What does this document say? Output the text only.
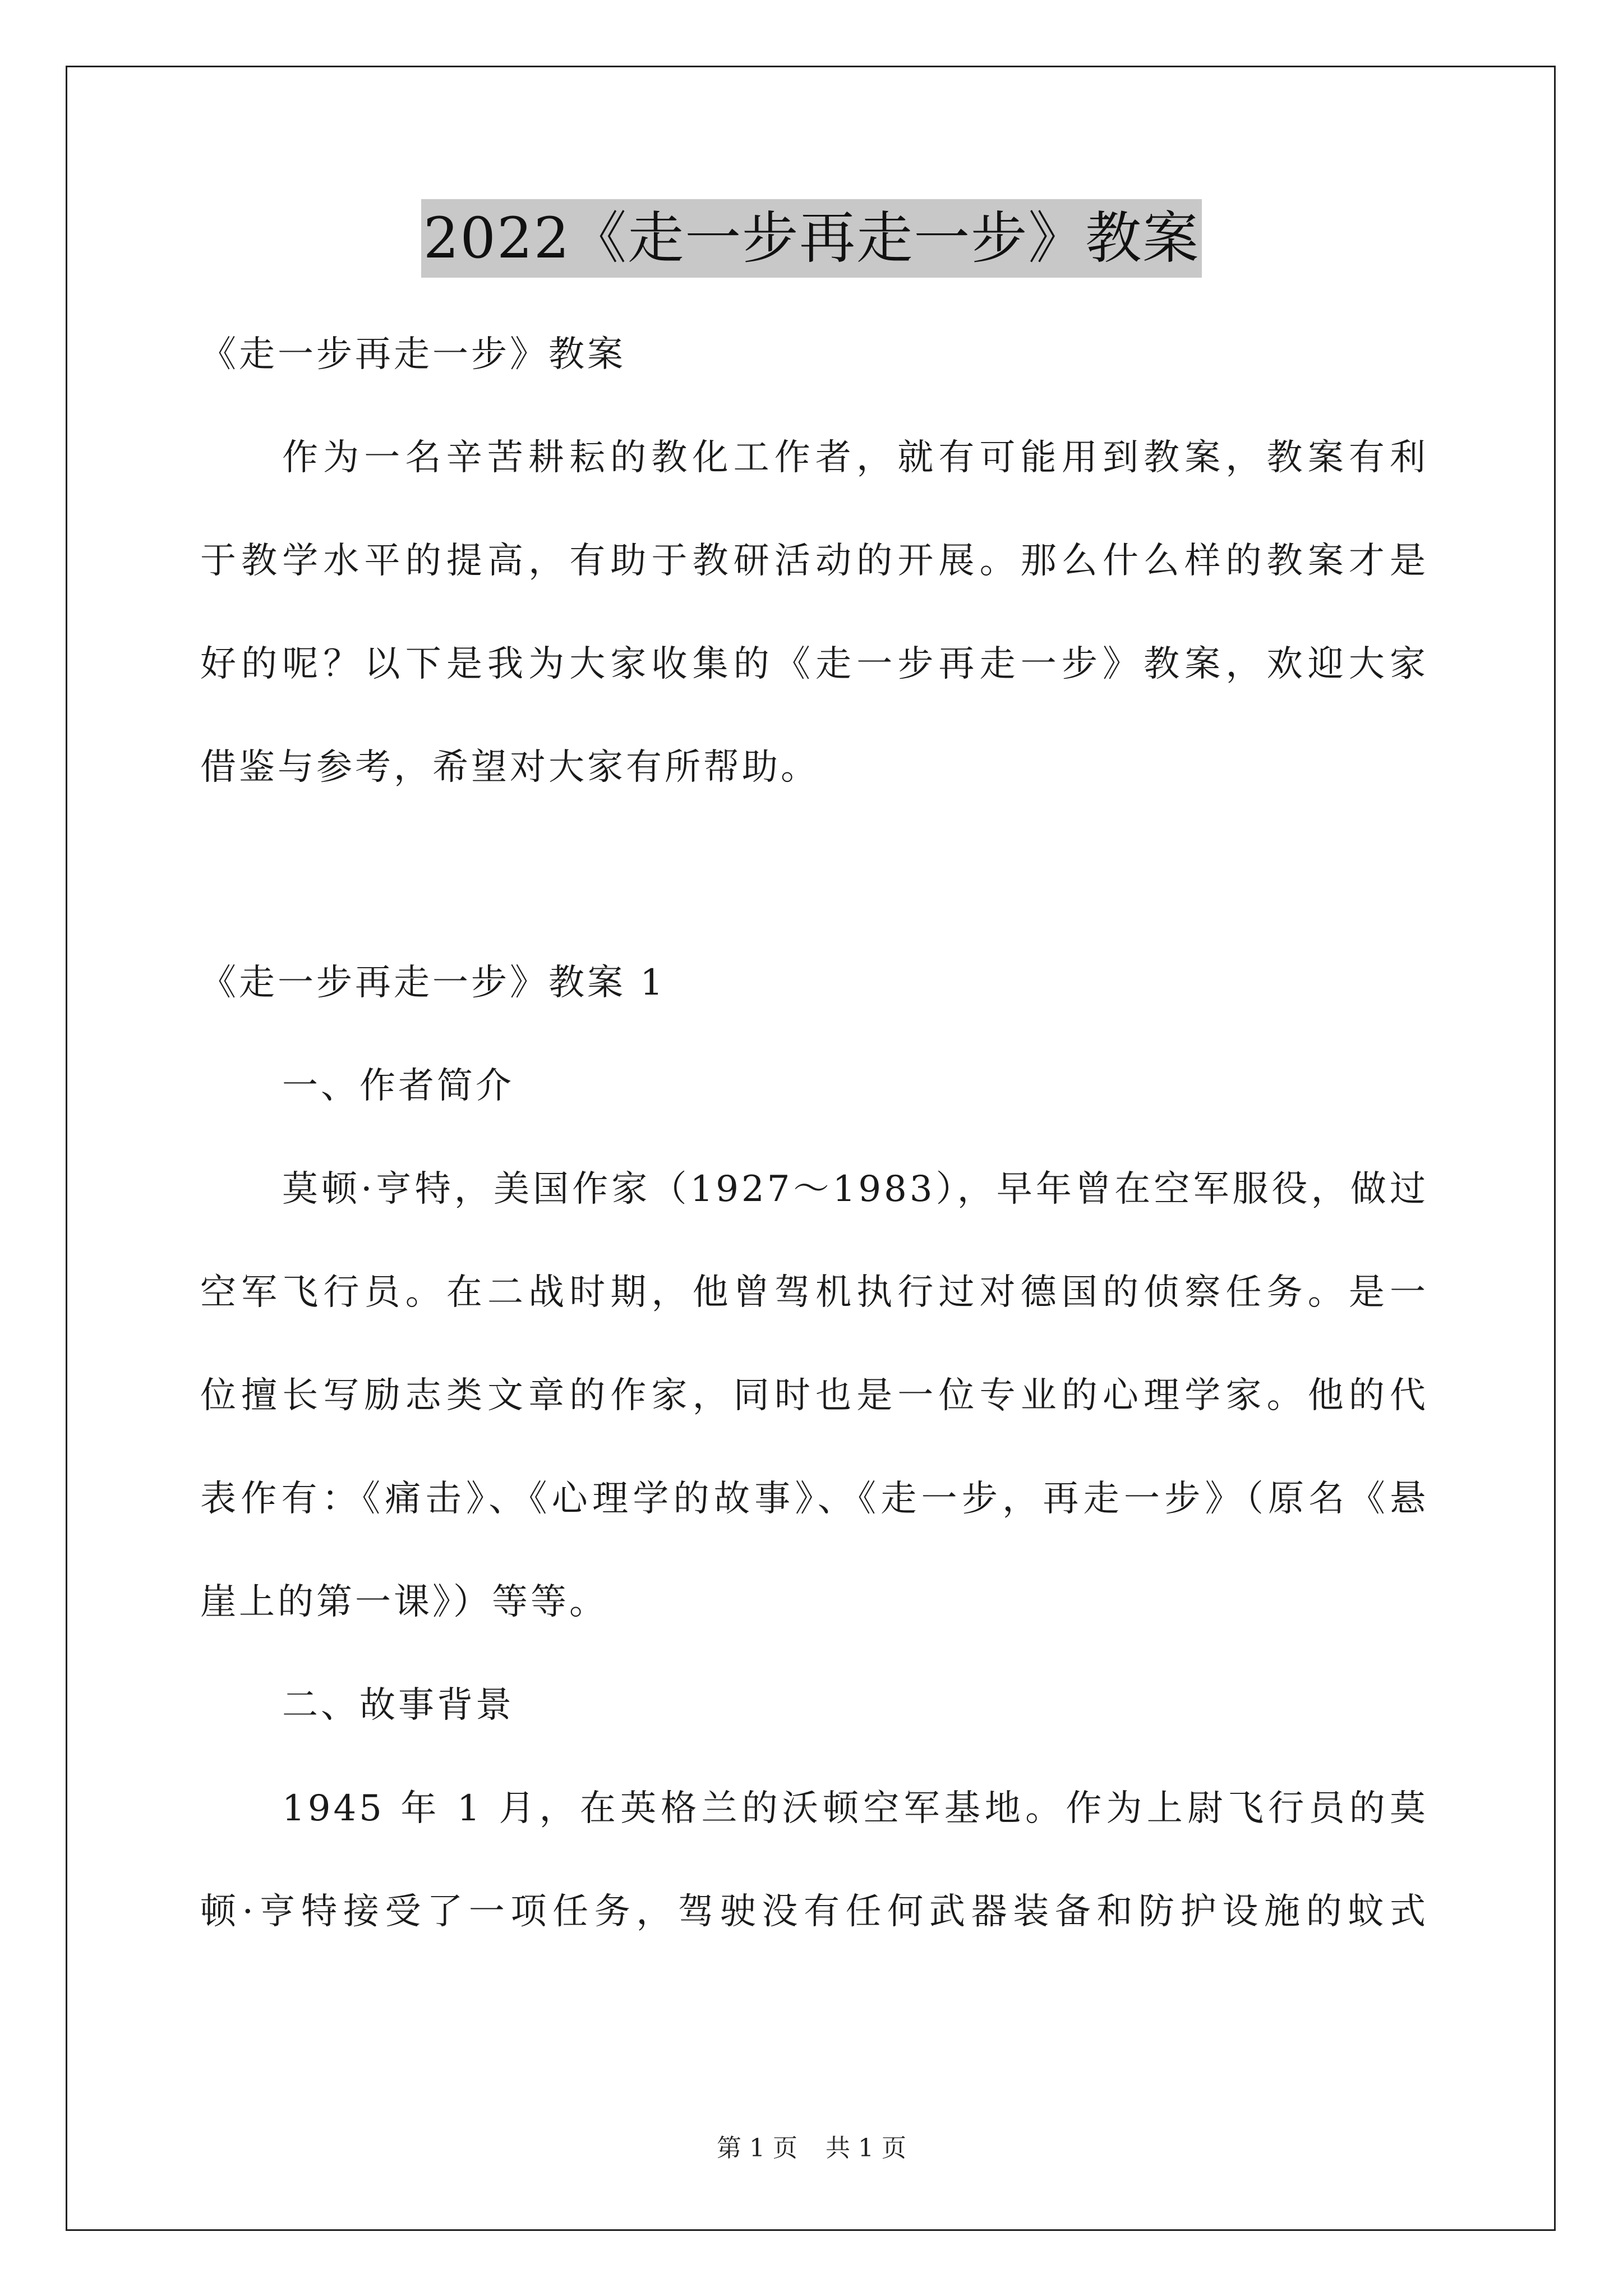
2022《走一步再走一步》教案
《走一步再走一步》教案
作为一名辛苦耕耘的教化工作者，就有可能用到教案，教案有利
于教学水平的提高，有助于教研活动的开展。那么什么样的教案才是
好的呢？以下是我为大家收集的《走一步再走一步》教案，欢迎大家
借鉴与参考，希望对大家有所帮助。
《走一步再走一步》教案 1
一、作者简介
莫顿·亨特，美国作家（1927～1983），早年曾在空军服役，做过
空军飞行员。在二战时期，他曾驾机执行过对德国的侦察任务。是一
位擅长写励志类文章的作家，同时也是一位专业的心理学家。他的代
表作有：《痛击》、《心理学的故事》、《走一步，再走一步》（原名《悬
崖上的第一课》）等等。
二、故事背景
1945 年 1 月，在英格兰的沃顿空军基地。作为上尉飞行员的莫
顿·亨特接受了一项任务，驾驶没有任何武器装备和防护设施的蚊式
第 1 页 共 1 页
